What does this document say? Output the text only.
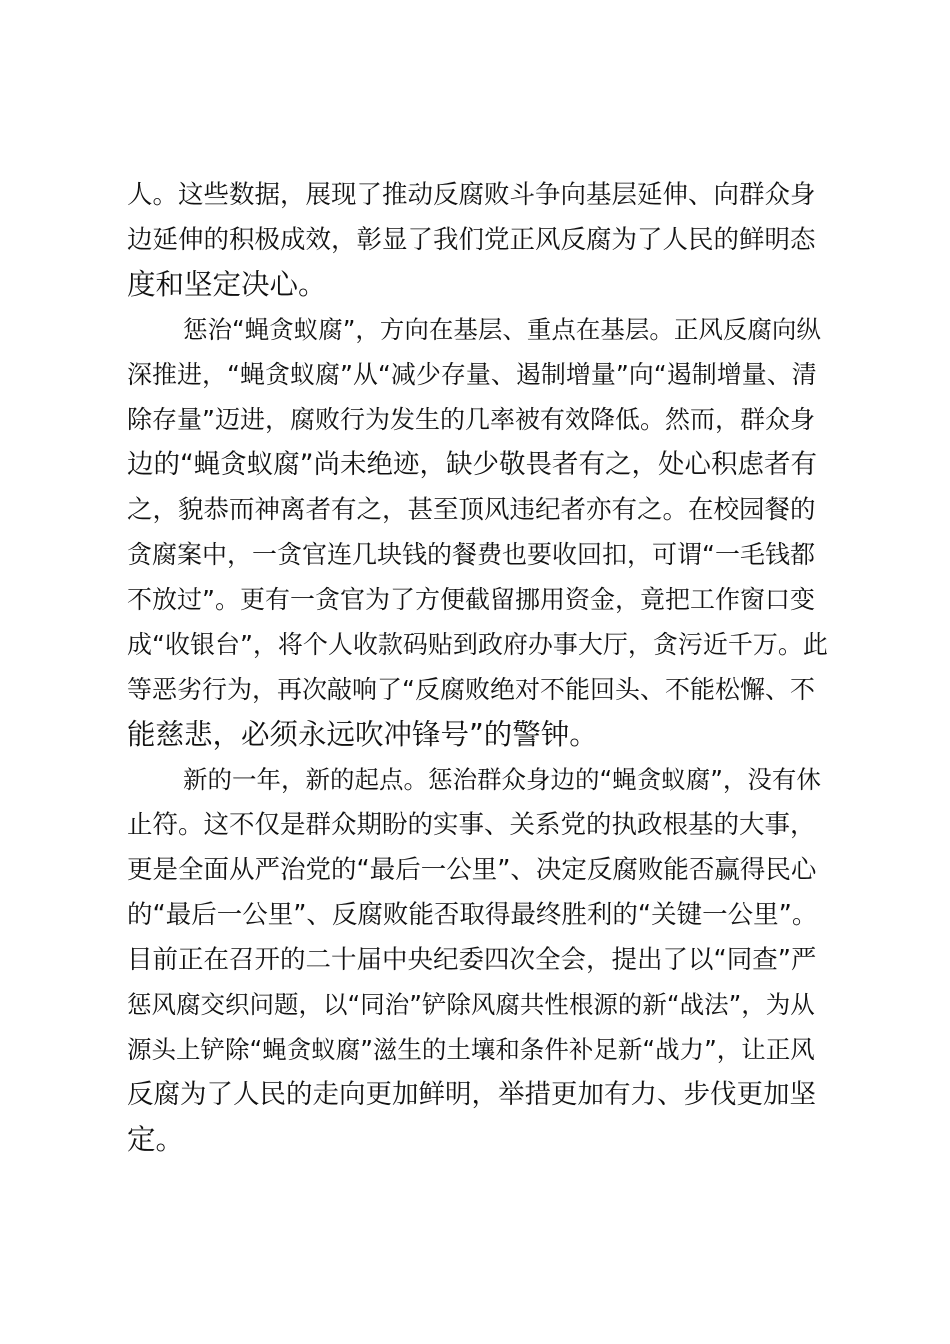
人。这些数据，展现了推动反腐败斗争向基层延伸、向群众身
边延伸的积极成效，彰显了我们党正风反腐为了人民的鲜明态
度和坚定决心。
惩治“蝇贪蚁腐”，方向在基层、重点在基层。正风反腐向纵
深推进，“蝇贪蚁腐”从“减少存量、遏制增量”向“遏制增量、清
除存量”迈进，腐败行为发生的几率被有效降低。然而，群众身
边的“蝇贪蚁腐”尚未绝迹，缺少敬畏者有之，处心积虑者有
之，貌恭而神离者有之，甚至顶风违纪者亦有之。在校园餐的
贪腐案中，一贪官连几块钱的餐费也要收回扣，可谓“一毛钱都
不放过”。更有一贪官为了方便截留挪用资金，竟把工作窗口变
成“收银台”，将个人收款码贴到政府办事大厅，贪污近千万。此
等恶劣行为，再次敲响了“反腐败绝对不能回头、不能松懈、不
能慈悲，必须永远吹冲锋号”的警钟。
新的一年，新的起点。惩治群众身边的“蝇贪蚁腐”，没有休
止符。这不仅是群众期盼的实事、关系党的执政根基的大事，
更是全面从严治党的“最后一公里”、决定反腐败能否赢得民心
的“最后一公里”、反腐败能否取得最终胜利的“关键一公里”。
目前正在召开的二十届中央纪委四次全会，提出了以“同查”严
惩风腐交织问题，以“同治”铲除风腐共性根源的新“战法”，为从
源头上铲除“蝇贪蚁腐”滋生的土壤和条件补足新“战力”，让正风
反腐为了人民的走向更加鲜明，举措更加有力、步伐更加坚
定。
